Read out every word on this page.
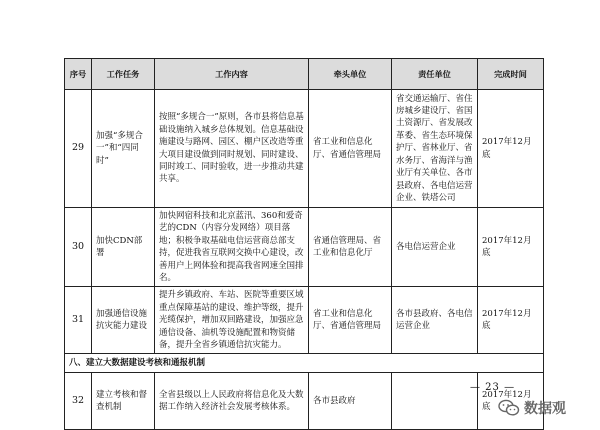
序号	工作任务	工作内容	牵头单位	责任单位	完成时间
29	加强“多规合一”和“四同时”	按照“多规合一”原则，各市县将信息基础设施纳入城乡总体规划。信息基础设施建设与路网、园区、棚户区改造等重大项目建设做到同时规划、同时建设、同时竣工、同时验收，进一步推动共建共享。	省工业和信息化厅、省通信管理局	省交通运输厅、省住房城乡建设厅、省国土资源厅、省发展改革委、省生态环境保护厅、省林业厅、省水务厅、省海洋与渔业厅有关单位、各市县政府、各电信运营企业、铁塔公司	2017年12月底
30	加快CDN部署	加快网宿科技和北京蓝汛、360和爱奇艺的CDN（内容分发网络）项目落地；积极争取基础电信运营商总部支持，促进我省互联网交换中心建设，改善用户上网体验和提高我省网速全国排名。	省通信管理局、省工业和信息化厅	各电信运营企业	2017年12月底
31	加强通信设施抗灾能力建设	提升乡镇政府、车站、医院等重要区域重点保障基站的建设、维护等级，提升光缆保护，增加双回路建设，加强应急通信设备、油机等设施配置和物资储备，提升全省乡镇通信抗灾能力。	省工业和信息化厅、省通信管理局	各市县政府、各电信运营企业	2017年12月底
八、建立大数据建设考核和通报机制					
32	建立考核和督查机制	全省县级以上人民政府将信息化及大数据工作纳入经济社会发展考核体系。	各市县政府		2017年12月底
— 23 —
数据观
